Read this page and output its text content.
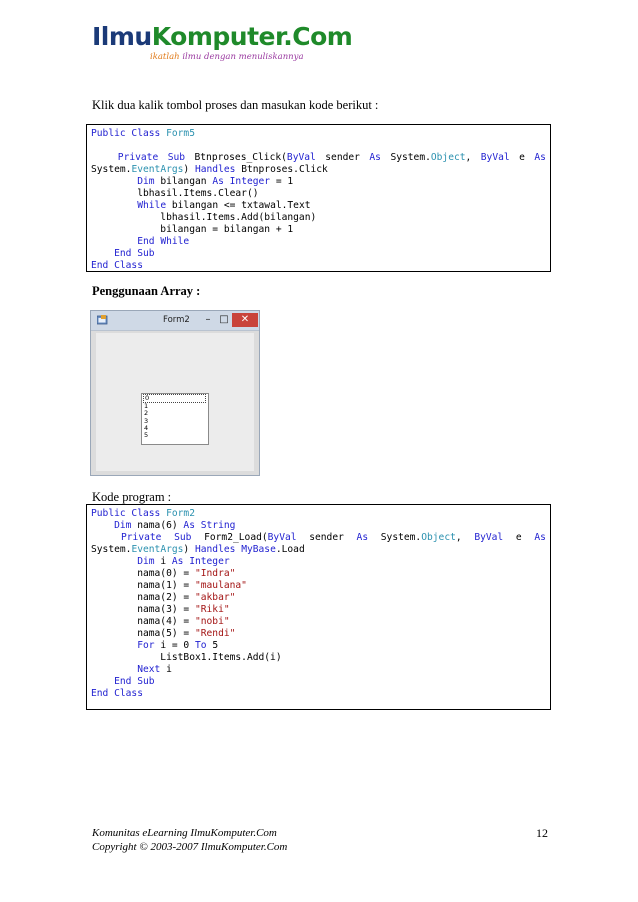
IlmuKomputer.Com
ikatlah ilmu dengan menuliskannya
Klik dua kalik tombol proses dan masukan kode berikut :
Public Class Form5

Private Sub Btnproses_Click(ByVal sender As System.Object, ByVal e As
System.EventArgs) Handles Btnproses.Click
Dim bilangan As Integer = 1
lbhasil.Items.Clear()
While bilangan <= txtawal.Text
lbhasil.Items.Add(bilangan)
bilangan = bilangan + 1
End While
End Sub
End Class
Penggunaan Array :
Form2	– □	✕
0
1
2
3
4
5
Kode program :
Public Class Form2
Dim nama(6) As String

Private Sub Form2_Load(ByVal sender As System.Object, ByVal e As
System.EventArgs) Handles MyBase.Load
Dim i As Integer
nama(0) = "Indra"
nama(1) = "maulana"
nama(2) = "akbar"
nama(3) = "Riki"
nama(4) = "nobi"
nama(5) = "Rendi"
For i = 0 To 5
ListBox1.Items.Add(i)
Next i
End Sub
End Class
Komunitas eLearning IlmuKomputer.Com
Copyright © 2003-2007 IlmuKomputer.Com
12
